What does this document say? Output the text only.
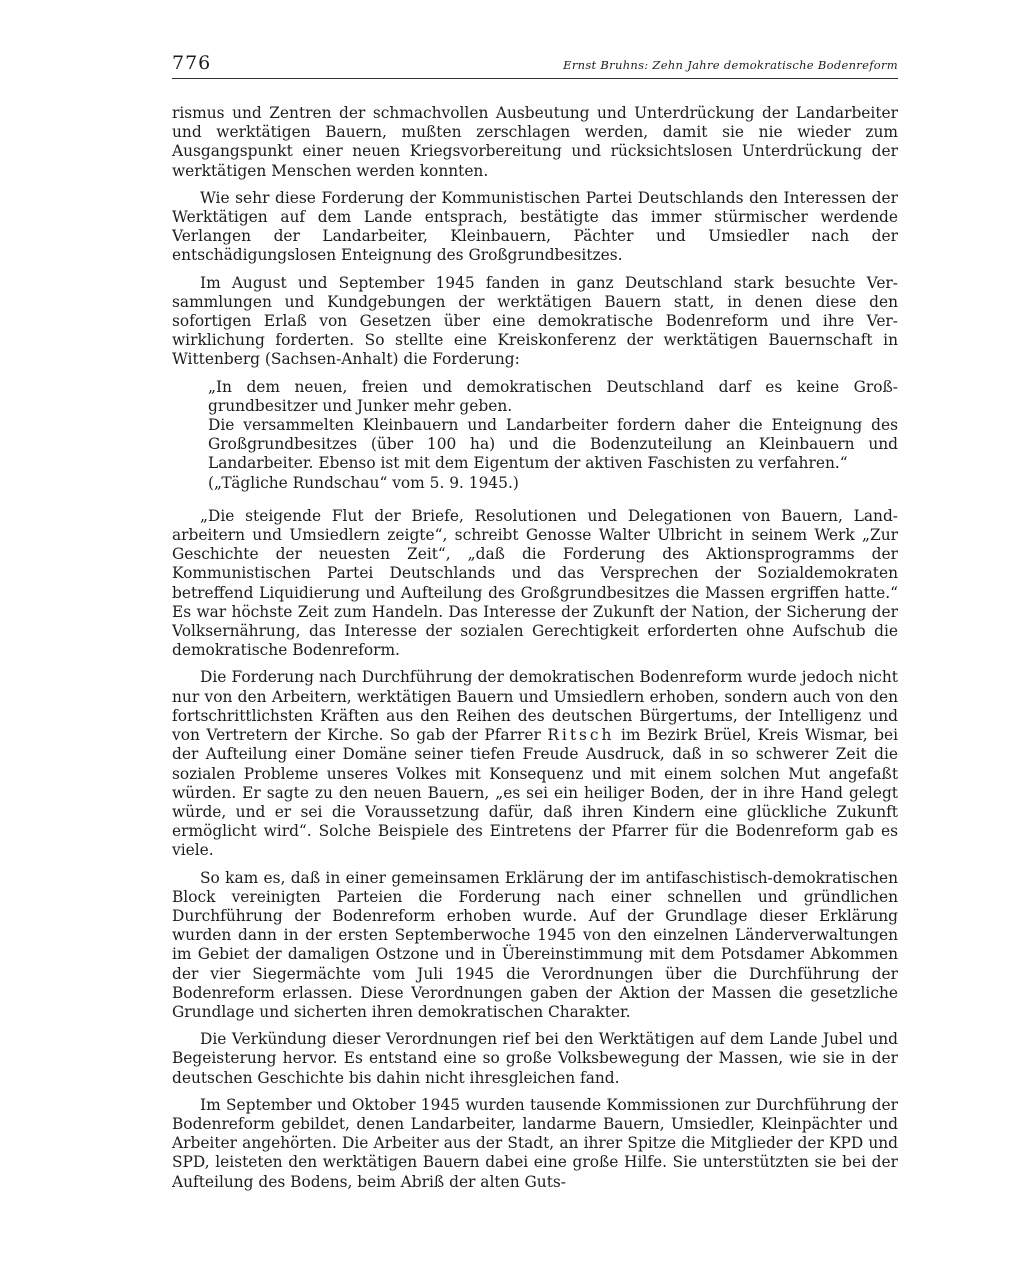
776	Ernst Bruhns: Zehn Jahre demokratische Bodenreform

rismus und Zentren der schmachvollen Ausbeutung und Unterdrückung der Landarbeiter und werktätigen Bauern, mußten zerschlagen werden, damit sie nie wieder zum Ausgangspunkt einer neuen Kriegsvorbereitung und rücksichtslosen Unterdrückung der werktätigen Menschen werden konnten.

Wie sehr diese Forderung der Kommunistischen Partei Deutschlands den Interessen der Werktätigen auf dem Lande entsprach, bestätigte das immer stürmischer werdende Verlangen der Landarbeiter, Kleinbauern, Pächter und Umsiedler nach der entschädigungslosen Enteignung des Großgrundbesitzes.

Im August und September 1945 fanden in ganz Deutschland stark besuchte Versammlungen und Kundgebungen der werktätigen Bauern statt, in denen diese den sofortigen Erlaß von Gesetzen über eine demokratische Bodenreform und ihre Verwirklichung forderten. So stellte eine Kreiskonferenz der werktätigen Bauernschaft in Wittenberg (Sachsen-Anhalt) die Forderung:

„In dem neuen, freien und demokratischen Deutschland darf es keine Großgrundbesitzer und Junker mehr geben.

Die versammelten Kleinbauern und Landarbeiter fordern daher die Enteignung des Großgrundbesitzes (über 100 ha) und die Bodenzuteilung an Kleinbauern und Landarbeiter. Ebenso ist mit dem Eigentum der aktiven Faschisten zu verfahren.“

(„Tägliche Rundschau“ vom 5. 9. 1945.)

„Die steigende Flut der Briefe, Resolutionen und Delegationen von Bauern, Landarbeitern und Umsiedlern zeigte“, schreibt Genosse Walter Ulbricht in seinem Werk „Zur Geschichte der neuesten Zeit“, „daß die Forderung des Aktionsprogramms der Kommunistischen Partei Deutschlands und das Versprechen der Sozialdemokraten betreffend Liquidierung und Aufteilung des Großgrundbesitzes die Massen ergriffen hatte.“ Es war höchste Zeit zum Handeln. Das Interesse der Zukunft der Nation, der Sicherung der Volksernährung, das Interesse der sozialen Gerechtigkeit erforderten ohne Aufschub die demokratische Bodenreform.

Die Forderung nach Durchführung der demokratischen Bodenreform wurde jedoch nicht nur von den Arbeitern, werktätigen Bauern und Umsiedlern erhoben, sondern auch von den fortschrittlichsten Kräften aus den Reihen des deutschen Bürgertums, der Intelligenz und von Vertretern der Kirche. So gab der Pfarrer Ritsch im Bezirk Brüel, Kreis Wismar, bei der Aufteilung einer Domäne seiner tiefen Freude Ausdruck, daß in so schwerer Zeit die sozialen Probleme unseres Volkes mit Konsequenz und mit einem solchen Mut angefaßt würden. Er sagte zu den neuen Bauern, „es sei ein heiliger Boden, der in ihre Hand gelegt würde, und er sei die Voraussetzung dafür, daß ihren Kindern eine glückliche Zukunft ermöglicht wird“. Solche Beispiele des Eintretens der Pfarrer für die Bodenreform gab es viele.

So kam es, daß in einer gemeinsamen Erklärung der im antifaschistisch-demokratischen Block vereinigten Parteien die Forderung nach einer schnellen und gründlichen Durchführung der Bodenreform erhoben wurde. Auf der Grundlage dieser Erklärung wurden dann in der ersten Septemberwoche 1945 von den einzelnen Länderverwaltungen im Gebiet der damaligen Ostzone und in Übereinstimmung mit dem Potsdamer Abkommen der vier Siegermächte vom Juli 1945 die Verordnungen über die Durchführung der Bodenreform erlassen. Diese Verordnungen gaben der Aktion der Massen die gesetzliche Grundlage und sicherten ihren demokratischen Charakter.

Die Verkündung dieser Verordnungen rief bei den Werktätigen auf dem Lande Jubel und Begeisterung hervor. Es entstand eine so große Volksbewegung der Massen, wie sie in der deutschen Geschichte bis dahin nicht ihresgleichen fand.

Im September und Oktober 1945 wurden tausende Kommissionen zur Durchführung der Bodenreform gebildet, denen Landarbeiter, landarme Bauern, Umsiedler, Kleinpächter und Arbeiter angehörten. Die Arbeiter aus der Stadt, an ihrer Spitze die Mitglieder der KPD und SPD, leisteten den werktätigen Bauern dabei eine große Hilfe. Sie unterstützten sie bei der Aufteilung des Bodens, beim Abriß der alten Guts-
